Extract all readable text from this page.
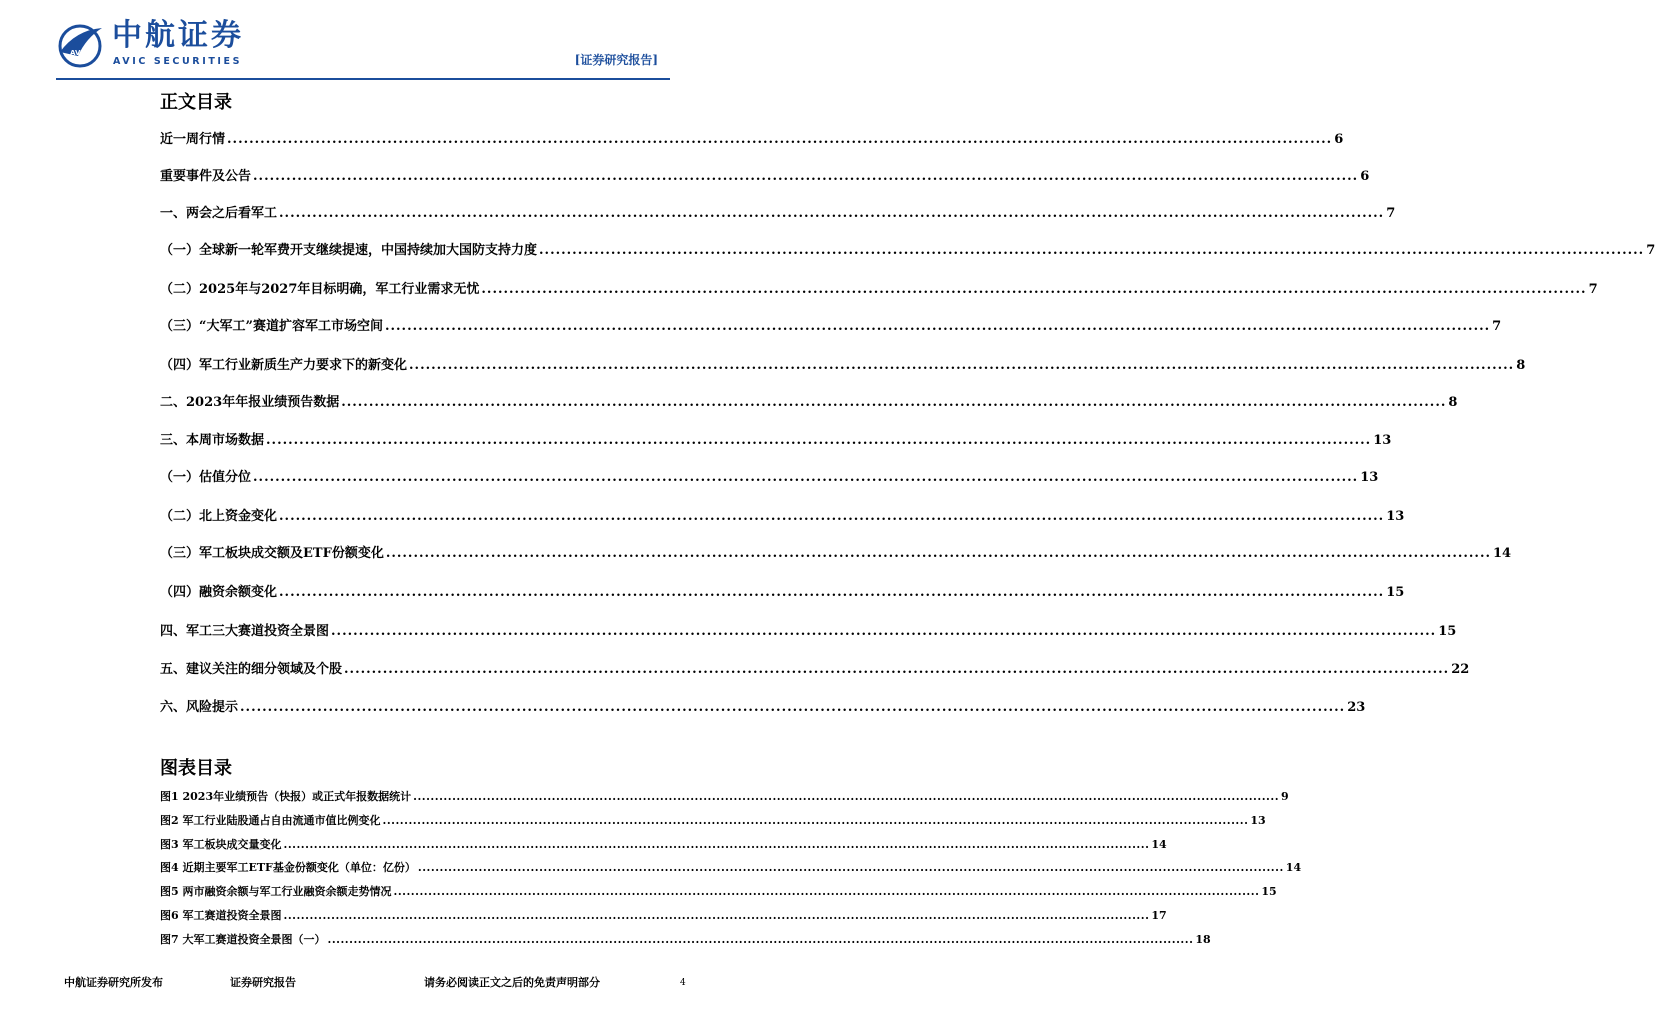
AVIC 中航证券
AVIC SECURITIES	[证券研究报告]
正文目录
近一周行情 ........................................................................................................................................................................................................ 6
重要事件及公告 ........................................................................................................................................................................................................ 6
一、 两会之后看军工 ........................................................................................................................................................................................................ 7
（一） 全球新一轮军费开支继续提速，中国持续加大国防支持力度 ........................................................................................................................................................................................................ 7
（二） 2025年与2027年目标明确，军工行业需求无忧 ........................................................................................................................................................................................................ 7
（三） “大军工”赛道扩容军工市场空间 ........................................................................................................................................................................................................ 7
（四） 军工行业新质生产力要求下的新变化 ........................................................................................................................................................................................................ 8
二、 2023年年报业绩预告数据 ........................................................................................................................................................................................................ 8
三、 本周市场数据 ........................................................................................................................................................................................................ 13
（一） 估值分位 ........................................................................................................................................................................................................ 13
（二） 北上资金变化 ........................................................................................................................................................................................................ 13
（三） 军工板块成交额及ETF份额变化 ........................................................................................................................................................................................................ 14
（四） 融资余额变化 ........................................................................................................................................................................................................ 15
四、 军工三大赛道投资全景图 ........................................................................................................................................................................................................ 15
五、 建议关注的细分领域及个股 ........................................................................................................................................................................................................ 22
六、 风险提示 ........................................................................................................................................................................................................ 23
图表目录
图1 2023年业绩预告（快报）或正式年报数据统计 ........................................................................................................................................................................................................ 9
图2 军工行业陆股通占自由流通市值比例变化 ........................................................................................................................................................................................................ 13
图3 军工板块成交量变化 ........................................................................................................................................................................................................ 14
图4 近期主要军工ETF基金份额变化（单位：亿份） ........................................................................................................................................................................................................ 14
图5 两市融资余额与军工行业融资余额走势情况 ........................................................................................................................................................................................................ 15
图6 军工赛道投资全景图 ........................................................................................................................................................................................................ 17
图7 大军工赛道投资全景图（一） ........................................................................................................................................................................................................ 18
中航证券研究所发布	证券研究报告	请务必阅读正文之后的免责声明部分	4
